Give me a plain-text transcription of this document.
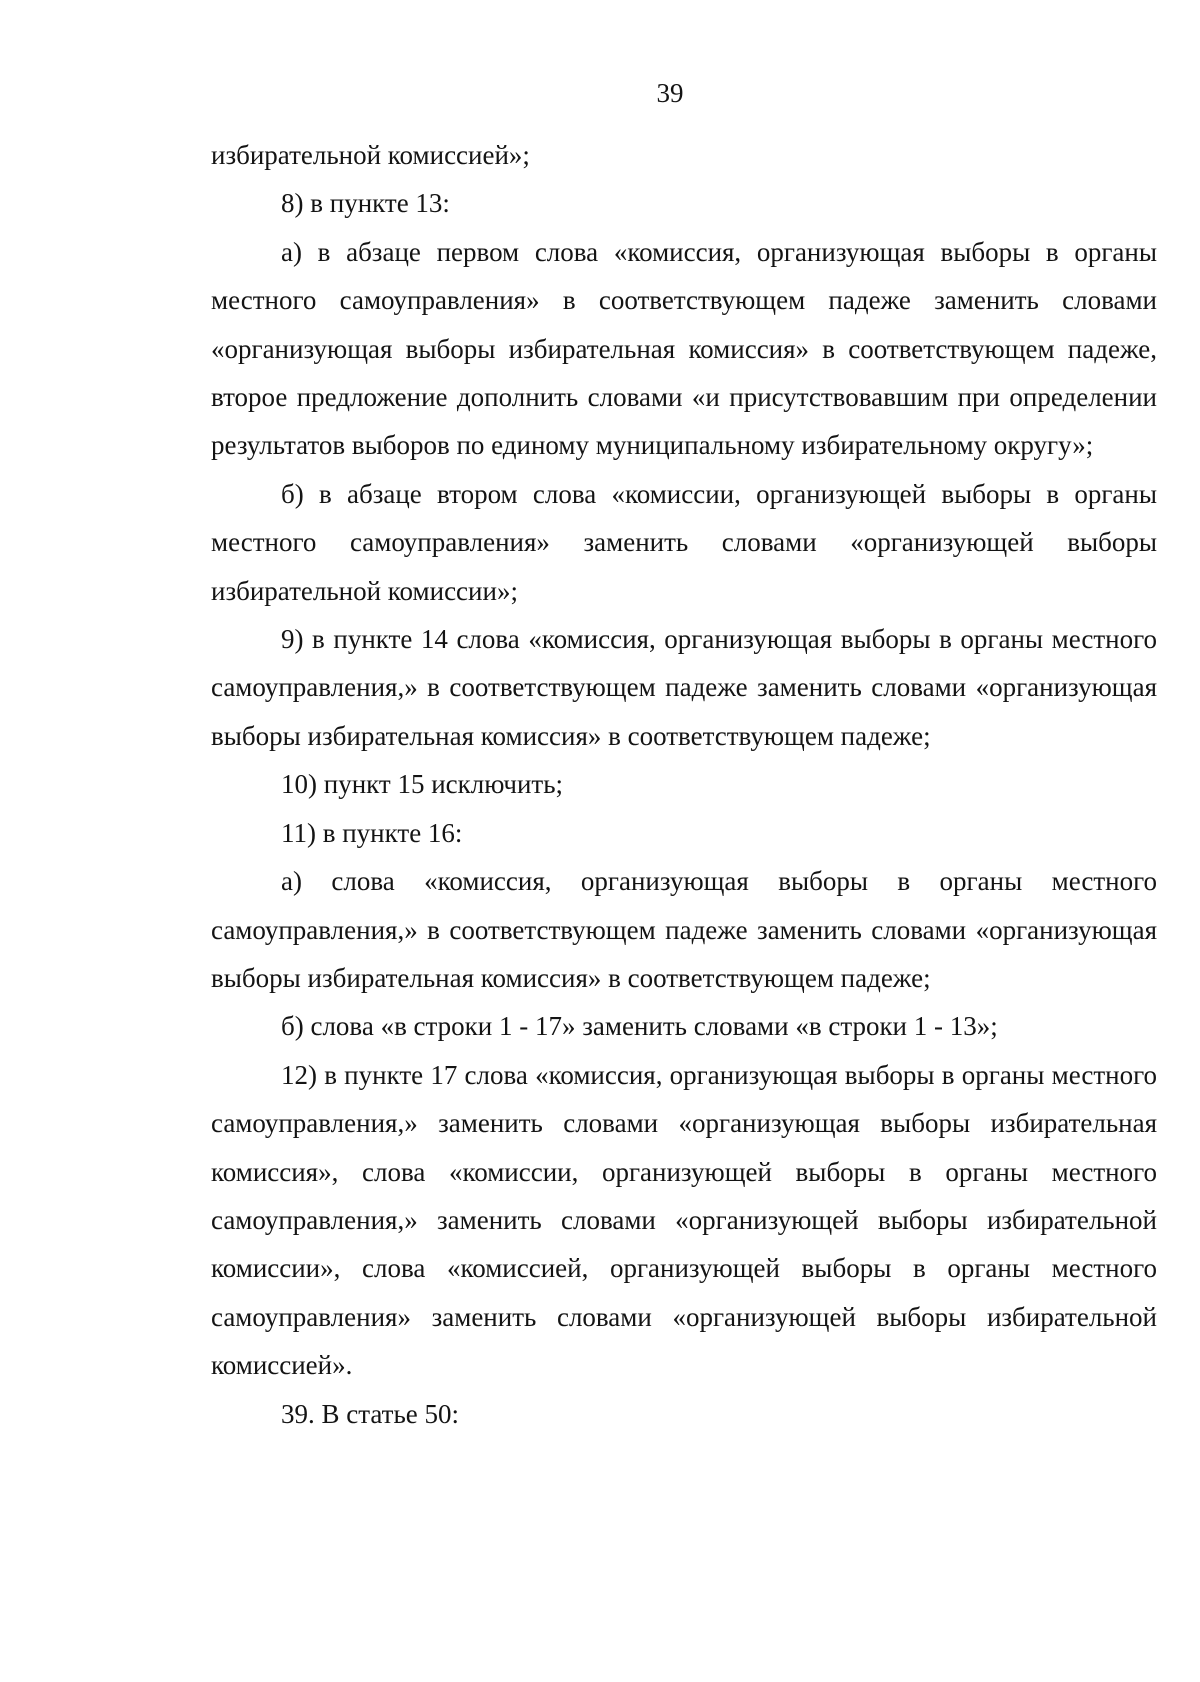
39

избирательной комиссией»;

8) в пункте 13:

а) в абзаце первом слова «комиссия, организующая выборы в органы местного самоуправления» в соответствующем падеже заменить словами «организующая выборы избирательная комиссия» в соответствующем падеже, второе предложение дополнить словами «и присутствовавшим при определении результатов выборов по единому муниципальному избирательному округу»;

б) в абзаце втором слова «комиссии, организующей выборы в органы местного самоуправления» заменить словами «организующей выборы избирательной комиссии»;

9) в пункте 14 слова «комиссия, организующая выборы в органы местного самоуправления,» в соответствующем падеже заменить словами «организующая выборы избирательная комиссия» в соответствующем падеже;

10) пункт 15 исключить;

11) в пункте 16:

а) слова «комиссия, организующая выборы в органы местного самоуправления,» в соответствующем падеже заменить словами «организующая выборы избирательная комиссия» в соответствующем падеже;

б) слова «в строки 1 - 17» заменить словами «в строки 1 - 13»;

12) в пункте 17 слова «комиссия, организующая выборы в органы местного самоуправления,» заменить словами «организующая выборы избирательная комиссия», слова «комиссии, организующей выборы в органы местного самоуправления,» заменить словами «организующей выборы избирательной комиссии», слова «комиссией, организующей выборы в органы местного самоуправления» заменить словами «организующей выборы избирательной комиссией».

39. В статье 50:
